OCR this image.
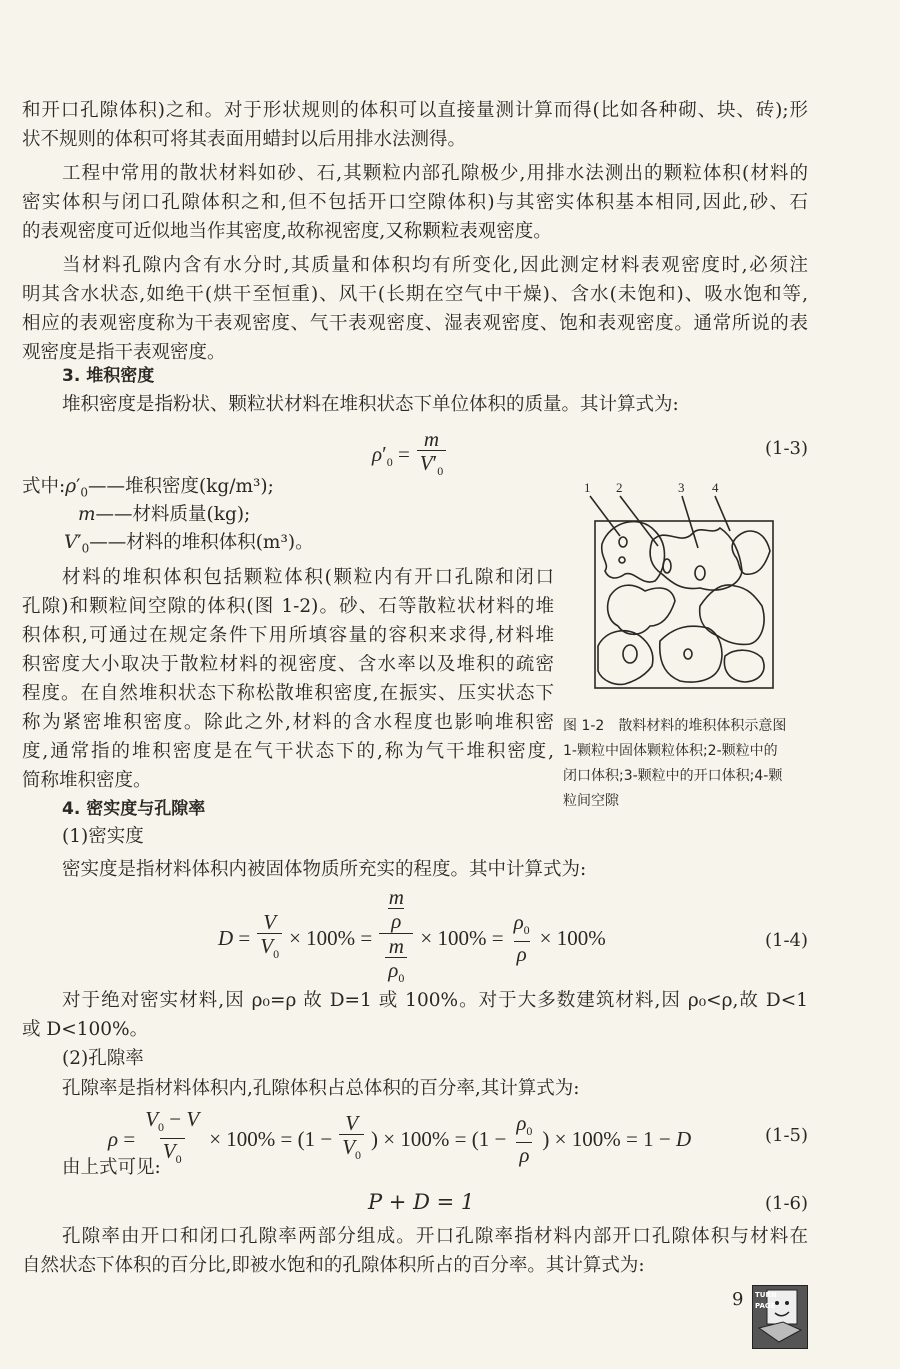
和开口孔隙体积)之和。对于形状规则的体积可以直接量测计算而得(比如各种砌、块、砖);形
状不规则的体积可将其表面用蜡封以后用排水法测得。
工程中常用的散状材料如砂、石,其颗粒内部孔隙极少,用排水法测出的颗粒体积(材料的
密实体积与闭口孔隙体积之和,但不包括开口空隙体积)与其密实体积基本相同,因此,砂、石
的表观密度可近似地当作其密度,故称视密度,又称颗粒表观密度。
当材料孔隙内含有水分时,其质量和体积均有所变化,因此测定材料表观密度时,必须注
明其含水状态,如绝干(烘干至恒重)、风干(长期在空气中干燥)、含水(未饱和)、吸水饱和等,
相应的表观密度称为干表观密度、气干表观密度、湿表观密度、饱和表观密度。通常所说的表
观密度是指干表观密度。
3. 堆积密度
堆积密度是指粉状、颗粒状材料在堆积状态下单位体积的质量。其计算式为:
$\rho'_0 = \frac{m}{V'_0}$	(1-3)
式中$:\rho'_0——$堆积密度(kg/m³);
m——材料质量(kg);
$V'_0——$材料的堆积体积(m³)。
材料的堆积体积包括颗粒体积(颗粒内有开口孔隙和闭口
孔隙)和颗粒间空隙的体积(图 1-2)。砂、石等散粒状材料的堆
积体积,可通过在规定条件下用所填容量的容积来求得,材料堆
积密度大小取决于散粒材料的视密度、含水率以及堆积的疏密
程度。在自然堆积状态下称松散堆积密度,在振实、压实状态下
称为紧密堆积密度。除此之外,材料的含水程度也影响堆积密
度,通常指的堆积密度是在气干状态下的,称为气干堆积密度,
简称堆积密度。
1 2	3 4
图 1-2　散料材料的堆积体积示意图
1-颗粒中固体颗粒体积;2-颗粒中的
闭口体积;3-颗粒中的开口体积;4-颗
粒间空隙
4. 密实度与孔隙率
(1)密实度
密实度是指材料体积内被固体物质所充实的程度。其中计算式为:
$D = \frac{V}{V_0} \times 100\% = \frac{\frac{m}{\rho}}{\frac{m}{\rho_0}} \times 100\% = \frac{\rho_0}{\rho} \times 100\%$	(1-4)
对于绝对密实材料,因 ρ₀=ρ 故 D=1 或 100%。对于大多数建筑材料,因 ρ₀<ρ,故 D<1
或 D<100%。
(2)孔隙率
孔隙率是指材料体积内,孔隙体积占总体积的百分率,其计算式为:
$\rho = \frac{V_0 - V}{V_0} \times 100\% = (1 - \frac{V}{V_0}$ ) × $100\% = (1 - \frac{\rho_0}{\rho}$ ) × 100% = 1 − D	(1-5)
由上式可见:
P + D = 1	(1-6)
孔隙率由开口和闭口孔隙率两部分组成。开口孔隙率指材料内部开口孔隙体积与材料在
自然状态下体积的百分比,即被水饱和的孔隙体积所占的百分率。其计算式为:
9 TURN
PAGE
